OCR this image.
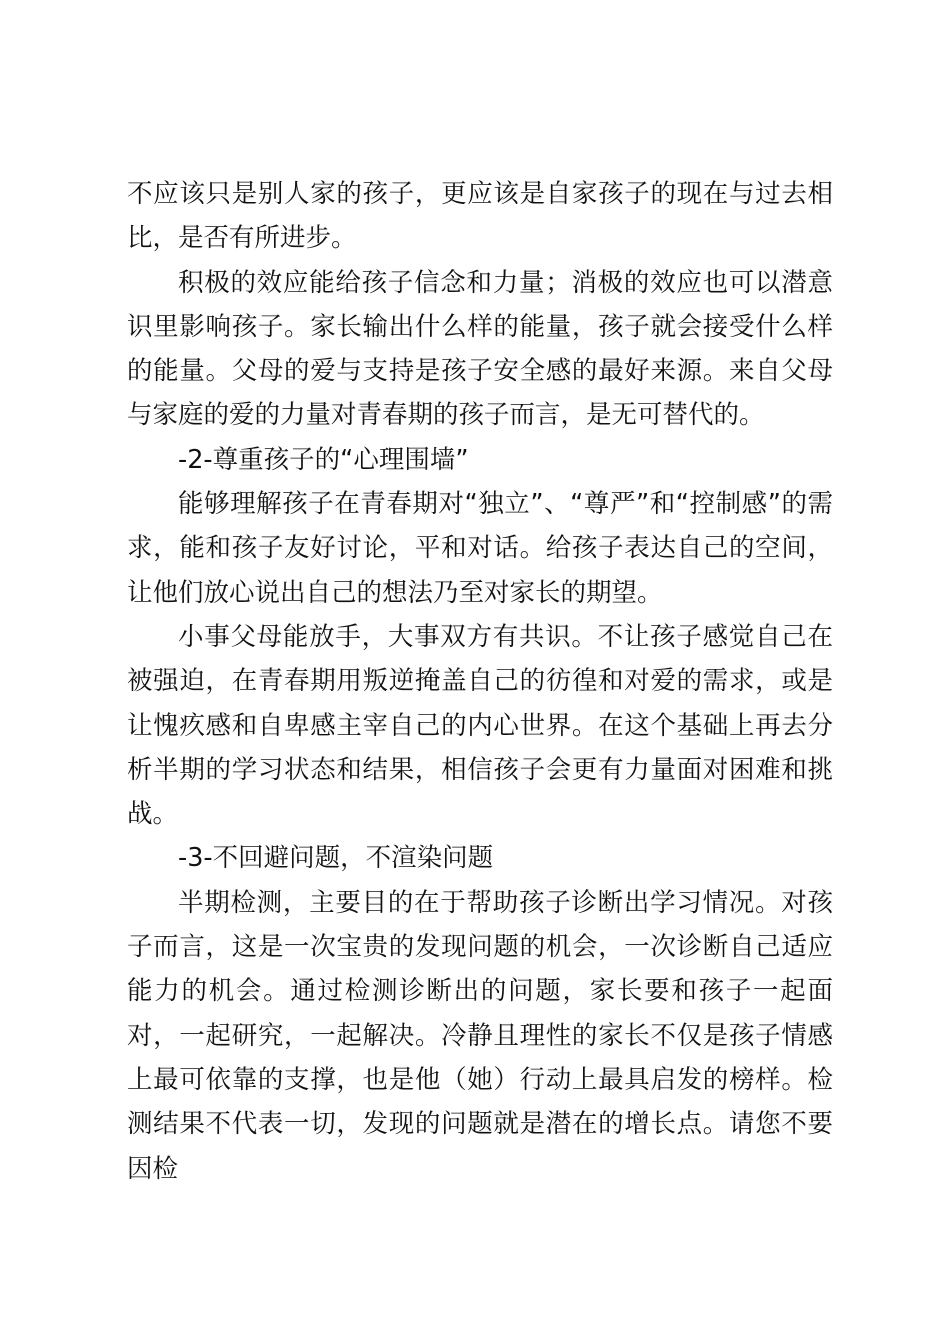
不应该只是别人家的孩子，更应该是自家孩子的现在与过去相比，是否有所进步。

积极的效应能给孩子信念和力量；消极的效应也可以潜意识里影响孩子。家长输出什么样的能量，孩子就会接受什么样的能量。父母的爱与支持是孩子安全感的最好来源。来自父母与家庭的爱的力量对青春期的孩子而言，是无可替代的。

-2-尊重孩子的“心理围墙”

能够理解孩子在青春期对“独立”、“尊严”和“控制感”的需求，能和孩子友好讨论，平和对话。给孩子表达自己的空间，让他们放心说出自己的想法乃至对家长的期望。

小事父母能放手，大事双方有共识。不让孩子感觉自己在被强迫，在青春期用叛逆掩盖自己的彷徨和对爱的需求，或是让愧疚感和自卑感主宰自己的内心世界。在这个基础上再去分析半期的学习状态和结果，相信孩子会更有力量面对困难和挑战。

-3-不回避问题，不渲染问题

半期检测，主要目的在于帮助孩子诊断出学习情况。对孩子而言，这是一次宝贵的发现问题的机会，一次诊断自己适应能力的机会。通过检测诊断出的问题，家长要和孩子一起面对，一起研究，一起解决。冷静且理性的家长不仅是孩子情感上最可依靠的支撑，也是他（她）行动上最具启发的榜样。检测结果不代表一切，发现的问题就是潜在的增长点。请您不要因检
